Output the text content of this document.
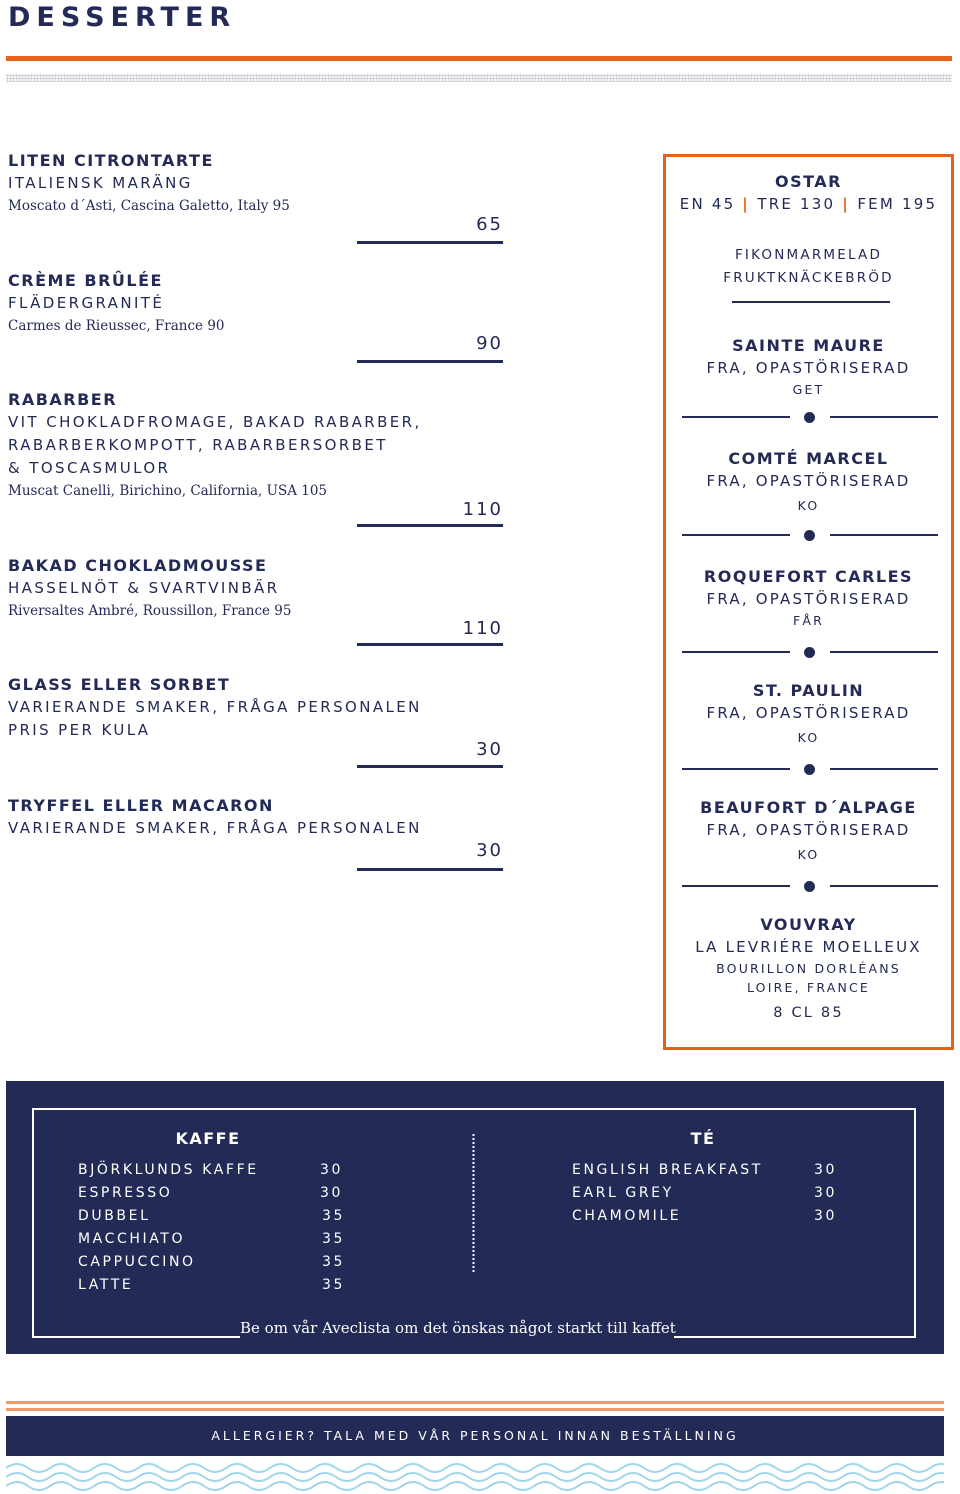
DESSERTER
LITEN CITRONTARTE
ITALIENSK MARÄNG
Moscato d´Asti, Cascina Galetto, Italy 95
65
CRÈME BRÛLÉE
FLÄDERGRANITÉ
Carmes de Rieussec, France 90
90
RABARBER
VIT CHOKLADFROMAGE, BAKAD RABARBER,
RABARBERKOMPOTT, RABARBERSORBET
& TOSCASMULOR
Muscat Canelli, Birichino, California, USA 105
110
BAKAD CHOKLADMOUSSE
HASSELNÖT & SVARTVINBÄR
Riversaltes Ambré, Roussillon, France 95
110
GLASS ELLER SORBET
VARIERANDE SMAKER, FRÅGA PERSONALEN
PRIS PER KULA
30
TRYFFEL ELLER MACARON
VARIERANDE SMAKER, FRÅGA PERSONALEN
30
OSTAR
EN 45 | TRE 130 | FEM 195
FIKONMARMELAD
FRUKTKNÄCKEBRÖD
SAINTE MAURE
FRA, OPASTÖRISERAD
GET
COMTÉ MARCEL
FRA, OPASTÖRISERAD
KO
ROQUEFORT CARLES
FRA, OPASTÖRISERAD
FÅR
ST. PAULIN
FRA, OPASTÖRISERAD
KO
BEAUFORT D´ALPAGE
FRA, OPASTÖRISERAD
KO
VOUVRAY
LA LEVRIÉRE MOELLEUX
BOURILLON DORLÉANS
LOIRE, FRANCE
8 CL 85
KAFFE	TÉ
BJÖRKLUNDS KAFFE	30
ESPRESSO	30
DUBBEL	35
MACCHIATO	35
CAPPUCCINO	35
LATTE	35
ENGLISH BREAKFAST	30
EARL GREY	30
CHAMOMILE	30
Be om vår Aveclista om det önskas något starkt till kaffet
ALLERGIER? TALA MED VÅR PERSONAL INNAN BESTÄLLNING
